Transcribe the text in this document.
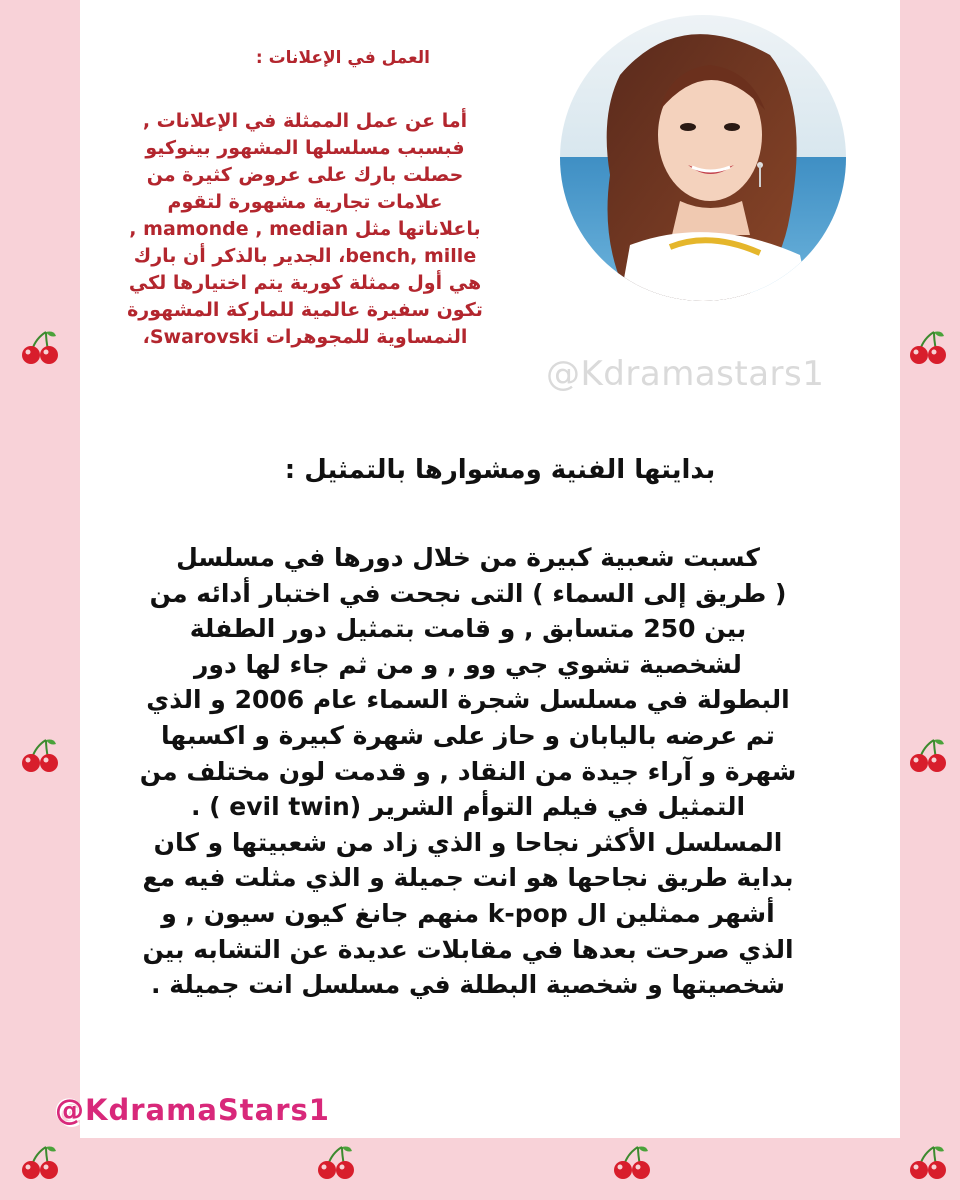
العمل في الإعلانات :
أما عن عمل الممثلة في الإعلانات ,
فبسبب مسلسلها المشهور بينوكيو
حصلت بارك على عروض كثيرة من
علامات تجارية مشهورة لتقوم
باعلاناتها مثل mamonde , median ,
bench, mille، الجدير بالذكر أن بارك
هي أول ممثلة كورية يتم اختيارها لكي
تكون سفيرة عالمية للماركة المشهورة
النمساوية للمجوهرات Swarovski،
@Kdramastars1
بدايتها الفنية ومشوارها بالتمثيل :
كسبت شعبية كبيرة من خلال دورها في مسلسل
( طريق إلى السماء ) التى نجحت في اختبار أدائه من
بين 250 متسابق , و قامت بتمثيل دور الطفلة
لشخصية تشوي جي وو , و من ثم جاء لها دور
البطولة في مسلسل شجرة السماء عام 2006 و الذي
تم عرضه باليابان و حاز على شهرة كبيرة و اكسبها
شهرة و آراء جيدة من النقاد , و قدمت لون مختلف من
التمثيل في فيلم التوأم الشرير (evil twin ) .
المسلسل الأكثر نجاحا و الذي زاد من شعبيتها و كان
بداية طريق نجاحها هو انت جميلة و الذي مثلت فيه مع
أشهر ممثلين ال k-pop منهم جانغ كيون سيون , و
الذي صرحت بعدها في مقابلات عديدة عن التشابه بين
شخصيتها و شخصية البطلة في مسلسل انت جميلة .
@KdramaStars1
